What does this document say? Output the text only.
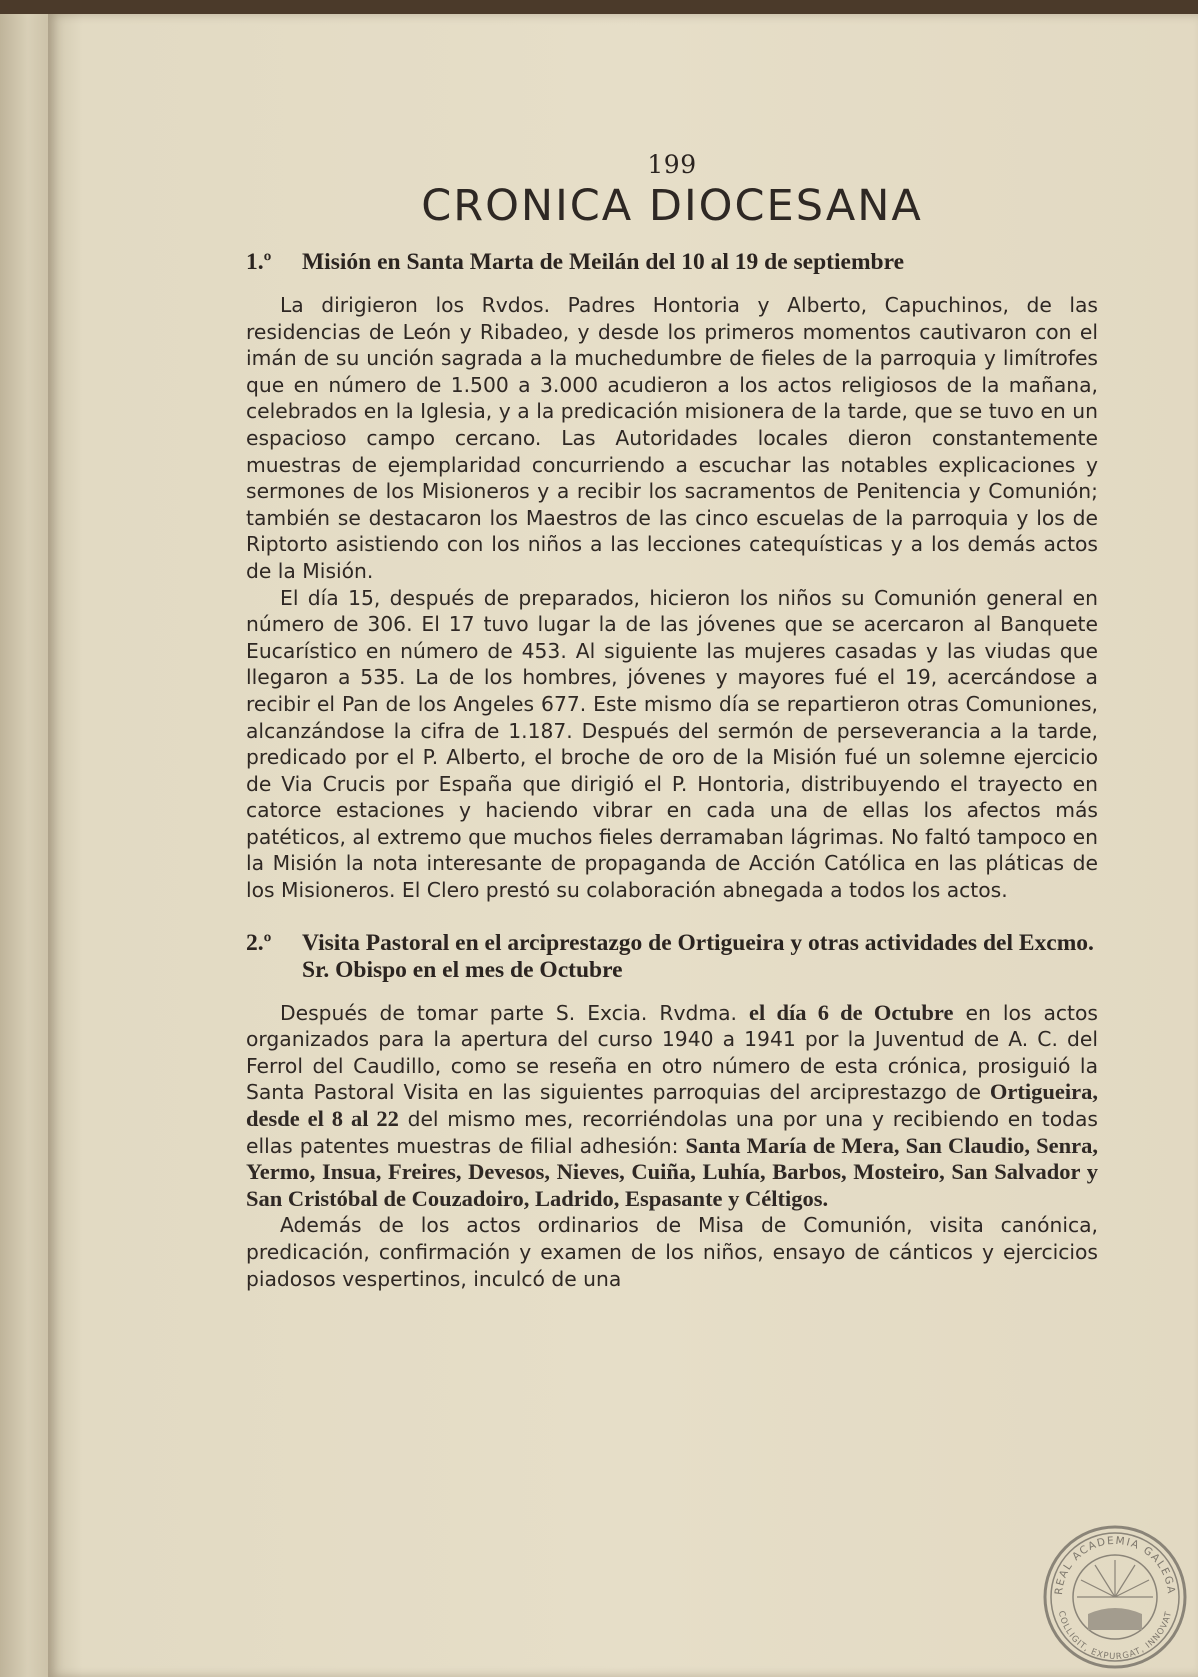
199
CRONICA DIOCESANA
1.º	Misión en Santa Marta de Meilán del 10 al 19 de septiembre

La dirigieron los Rvdos. Padres Hontoria y Alberto, Capuchinos, de las residencias de León y Ribadeo, y desde los primeros momentos cautivaron con el imán de su unción sagrada a la muchedumbre de fieles de la parroquia y limítrofes que en número de 1.500 a 3.000 acudieron a los actos religiosos de la mañana, celebrados en la Iglesia, y a la predicación misionera de la tarde, que se tuvo en un espacioso campo cercano. Las Autoridades locales dieron constantemente muestras de ejemplaridad concurriendo a escuchar las notables explicaciones y sermones de los Misioneros y a recibir los sacramentos de Penitencia y Comunión; también se destacaron los Maestros de las cinco escuelas de la parroquia y los de Riptorto asistiendo con los niños a las lecciones catequísticas y a los demás actos de la Misión.

El día 15, después de preparados, hicieron los niños su Comunión general en número de 306. El 17 tuvo lugar la de las jóvenes que se acercaron al Banquete Eucarístico en número de 453. Al siguiente las mujeres casadas y las viudas que llegaron a 535. La de los hombres, jóvenes y mayores fué el 19, acercándose a recibir el Pan de los Angeles 677. Este mismo día se repartieron otras Comuniones, alcanzándose la cifra de 1.187. Después del sermón de perseverancia a la tarde, predicado por el P. Alberto, el broche de oro de la Misión fué un solemne ejercicio de Via Crucis por España que dirigió el P. Hontoria, distribuyendo el trayecto en catorce estaciones y haciendo vibrar en cada una de ellas los afectos más patéticos, al extremo que muchos fieles derramaban lágrimas. No faltó tampoco en la Misión la nota interesante de propaganda de Acción Católica en las pláticas de los Misioneros. El Clero prestó su colaboración abnegada a todos los actos.

2.º	Visita Pastoral en el arciprestazgo de Ortigueira y otras actividades del Excmo. Sr. Obispo en el mes de Octubre

Después de tomar parte S. Excia. Rvdma. el día 6 de Octubre en los actos organizados para la apertura del curso 1940 a 1941 por la Juventud de A. C. del Ferrol del Caudillo, como se reseña en otro número de esta crónica, prosiguió la Santa Pastoral Visita en las siguientes parroquias del arciprestazgo de Ortigueira, desde el 8 al 22 del mismo mes, recorriéndolas una por una y recibiendo en todas ellas patentes muestras de filial adhesión: Santa María de Mera, San Claudio, Senra, Yermo, Insua, Freires, Devesos, Nieves, Cuiña, Luhía, Barbos, Mosteiro, San Salvador y San Cristóbal de Couzadoiro, Ladrido, Espasante y Céltigos.

Además de los actos ordinarios de Misa de Comunión, visita canónica, predicación, confirmación y examen de los niños, ensayo de cánticos y ejercicios piadosos vespertinos, inculcó de una

REAL ACADEMIA GALEGA
COLLIGIT, EXPURGAT, INNOVAT
